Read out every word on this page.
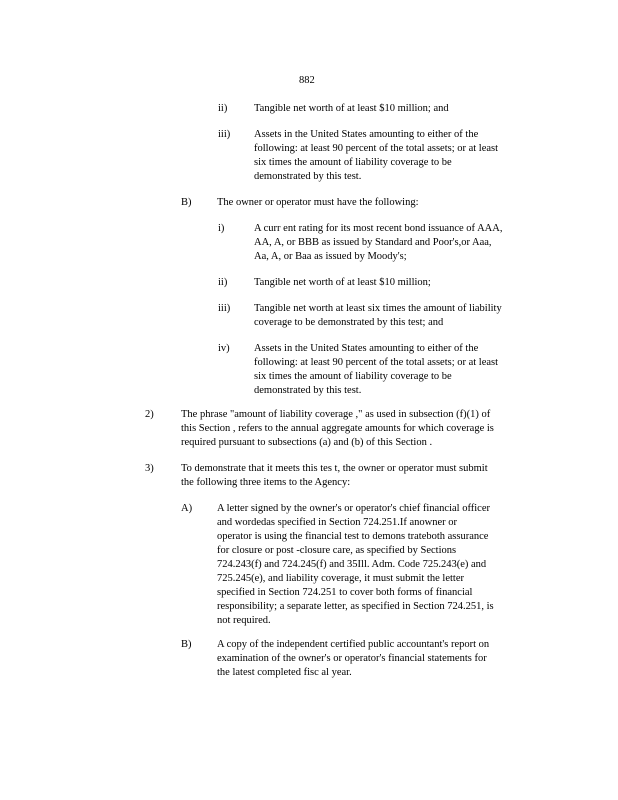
882
ii)	Tangible net worth of at least $10 million; and
iii) Assets in the United States amounting to either of the
following: at least 90 percent of the total assets; or at least
six times the amount of liability coverage to be
demonstrated by this test.
B) The owner or operator must have the following:
i)	A curr ent rating for its most recent bond issuance of AAA,
AA, A, or BBB as issued by Standard and Poor's,or Aaa,
Aa, A, or Baa as issued by Moody's;
ii)	Tangible net worth of at least $10 million;
iii) Tangible net worth at least six times the amount of liability
coverage to be demonstrated by this test; and
iv) Assets in the United States amounting to either of the
following: at least 90 percent of the total assets; or at least
six times the amount of liability coverage to be
demonstrated by this test.
2)	The phrase "amount of liability coverage ," as used in subsection (f)(1) of
this Section , refers to the annual aggregate amounts for which coverage is
required pursuant to subsections (a) and (b) of this Section .
3)	To demonstrate that it meets this tes t, the owner or operator must submit
the following three items to the Agency:
A) A letter signed by the owner's or operator's chief financial officer
and wordedas specified in Section 724.251.If anowner or
operator is using the financial test to demons trateboth assurance
for closure or post -closure care, as specified by Sections
724.243(f) and 724.245(f) and 35Ill. Adm. Code 725.243(e) and
725.245(e), and liability coverage, it must submit the letter
specified in Section 724.251 to cover both forms of financial
responsibility; a separate letter, as specified in Section 724.251, is
not required.
B) A copy of the independent certified public accountant's report on
examination of the owner's or operator's financial statements for
the latest completed fisc al year.
